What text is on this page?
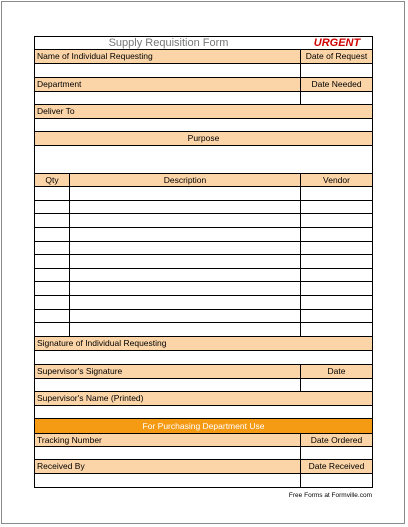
Supply Requisition Form	URGENT
Name of Individual Requesting	Date of Request
Department	Date Needed
Deliver To
Purpose
Qty	Description	Vendor
Signature of Individual Requesting
Supervisor's Signature	Date
Supervisor's Name (Printed)
For Purchasing Department Use
Tracking Number	Date Ordered
Received By	Date Received
Free Forms at Formville.com
